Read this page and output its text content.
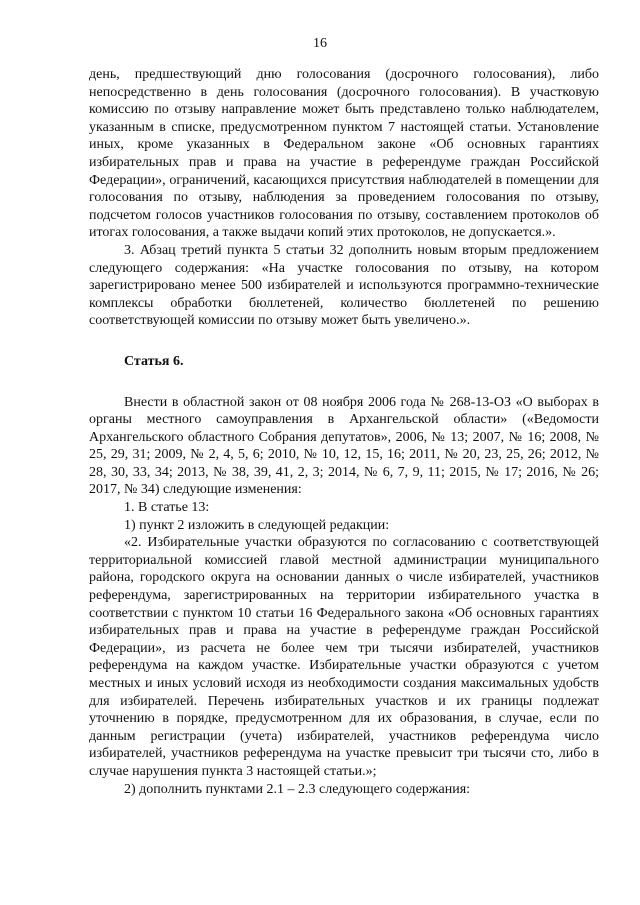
16

день, предшествующий дню голосования (досрочного голосования), либо непосредственно в день голосования (досрочного голосования). В участковую комиссию по отзыву направление может быть представлено только наблюдателем, указанным в списке, предусмотренном пунктом 7 настоящей статьи. Установление иных, кроме указанных в Федеральном законе «Об основных гарантиях избирательных прав и права на участие в референдуме граждан Российской Федерации», ограничений, касающихся присутствия наблюдателей в помещении для голосования по отзыву, наблюдения за проведением голосования по отзыву, подсчетом голосов участников голосования по отзыву, составлением протоколов об итогах голосования, а также выдачи копий этих протоколов, не допускается.».

3. Абзац третий пункта 5 статьи 32 дополнить новым вторым предложением следующего содержания: «На участке голосования по отзыву, на котором зарегистрировано менее 500 избирателей и используются программно-технические комплексы обработки бюллетеней, количество бюллетеней по решению соответствующей комиссии по отзыву может быть увеличено.».

Статья 6.

Внести в областной закон от 08 ноября 2006 года № 268-13-ОЗ «О выборах в органы местного самоуправления в Архангельской области» («Ведомости Архангельского областного Собрания депутатов», 2006, № 13; 2007, № 16; 2008, № 25, 29, 31; 2009, № 2, 4, 5, 6; 2010, № 10, 12, 15, 16; 2011, № 20, 23, 25, 26; 2012, № 28, 30, 33, 34; 2013, № 38, 39, 41, 2, 3; 2014, № 6, 7, 9, 11; 2015, № 17; 2016, № 26; 2017, № 34) следующие изменения:

1. В статье 13:

1) пункт 2 изложить в следующей редакции:

«2. Избирательные участки образуются по согласованию с соответствующей территориальной комиссией главой местной администрации муниципального района, городского округа на основании данных о числе избирателей, участников референдума, зарегистрированных на территории избирательного участка в соответствии с пунктом 10 статьи 16 Федерального закона «Об основных гарантиях избирательных прав и права на участие в референдуме граждан Российской Федерации», из расчета не более чем три тысячи избирателей, участников референдума на каждом участке. Избирательные участки образуются с учетом местных и иных условий исходя из необходимости создания максимальных удобств для избирателей. Перечень избирательных участков и их границы подлежат уточнению в порядке, предусмотренном для их образования, в случае, если по данным регистрации (учета) избирателей, участников референдума число избирателей, участников референдума на участке превысит три тысячи сто, либо в случае нарушения пункта 3 настоящей статьи.»;

2) дополнить пунктами 2.1 – 2.3 следующего содержания:
